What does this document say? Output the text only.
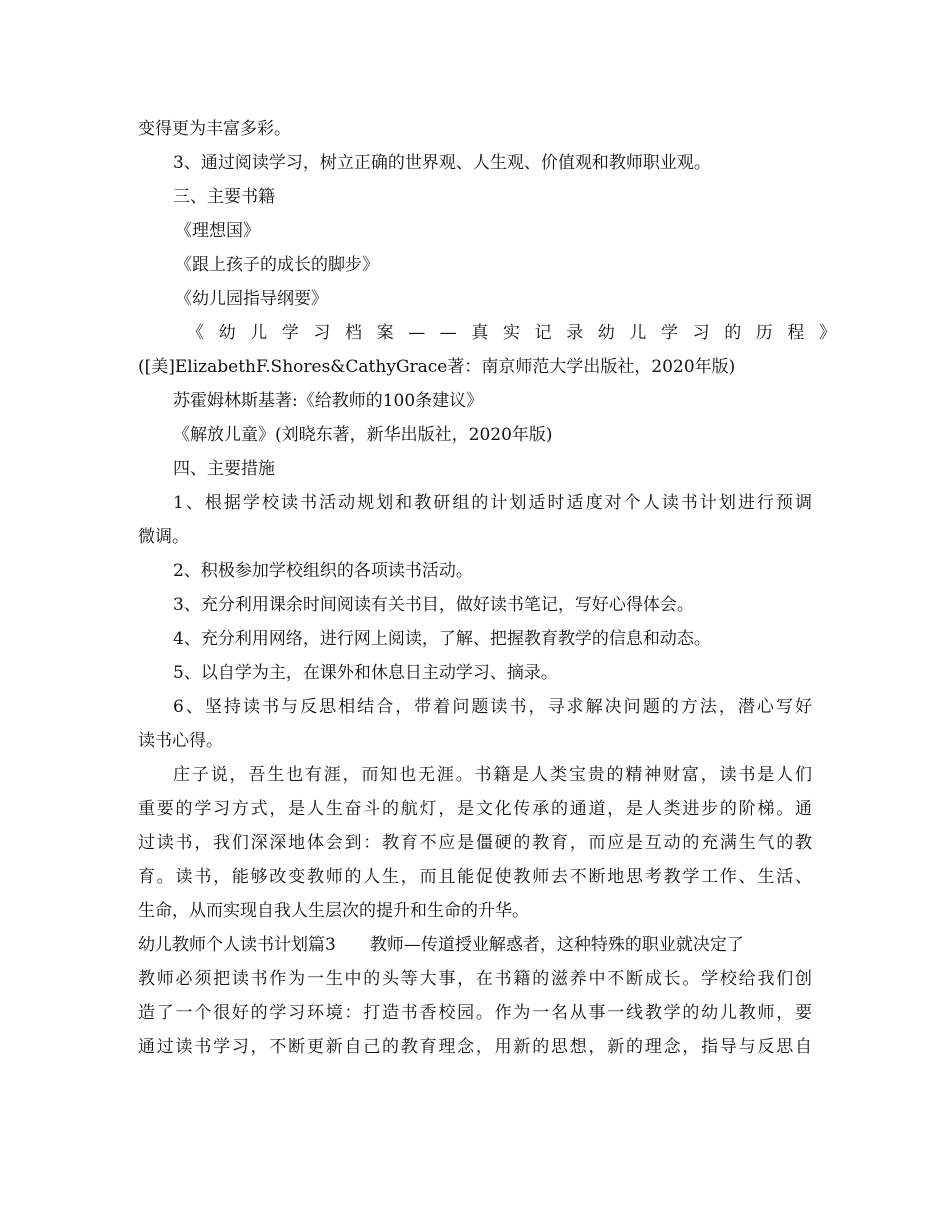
变得更为丰富多彩。
3、通过阅读学习，树立正确的世界观、人生观、价值观和教师职业观。
三、主要书籍
《理想国》
《跟上孩子的成长的脚步》
《幼儿园指导纲要》
《幼儿学习档案——真实记录幼儿学习的历程》
([美]ElizabethF.Shores&CathyGrace著：南京师范大学出版社，2020年版)
苏霍姆林斯基著:《给教师的100条建议》
《解放儿童》(刘晓东著，新华出版社，2020年版)
四、主要措施
1、根据学校读书活动规划和教研组的计划适时适度对个人读书计划进行预调
微调。
2、积极参加学校组织的各项读书活动。
3、充分利用课余时间阅读有关书目，做好读书笔记，写好心得体会。
4、充分利用网络，进行网上阅读，了解、把握教育教学的信息和动态。
5、以自学为主，在课外和休息日主动学习、摘录。
6、坚持读书与反思相结合，带着问题读书，寻求解决问题的方法，潜心写好
读书心得。
庄子说，吾生也有涯，而知也无涯。书籍是人类宝贵的精神财富，读书是人们
重要的学习方式，是人生奋斗的航灯，是文化传承的通道，是人类进步的阶梯。通
过读书，我们深深地体会到：教育不应是僵硬的教育，而应是互动的充满生气的教
育。读书，能够改变教师的人生，而且能促使教师去不断地思考教学工作、生活、
生命，从而实现自我人生层次的提升和生命的升华。
幼儿教师个人读书计划篇3　　教师—传道授业解惑者，这种特殊的职业就决定了
教师必须把读书作为一生中的头等大事，在书籍的滋养中不断成长。学校给我们创
造了一个很好的学习环境：打造书香校园。作为一名从事一线教学的幼儿教师，要
通过读书学习，不断更新自己的教育理念，用新的思想，新的理念，指导与反思自
